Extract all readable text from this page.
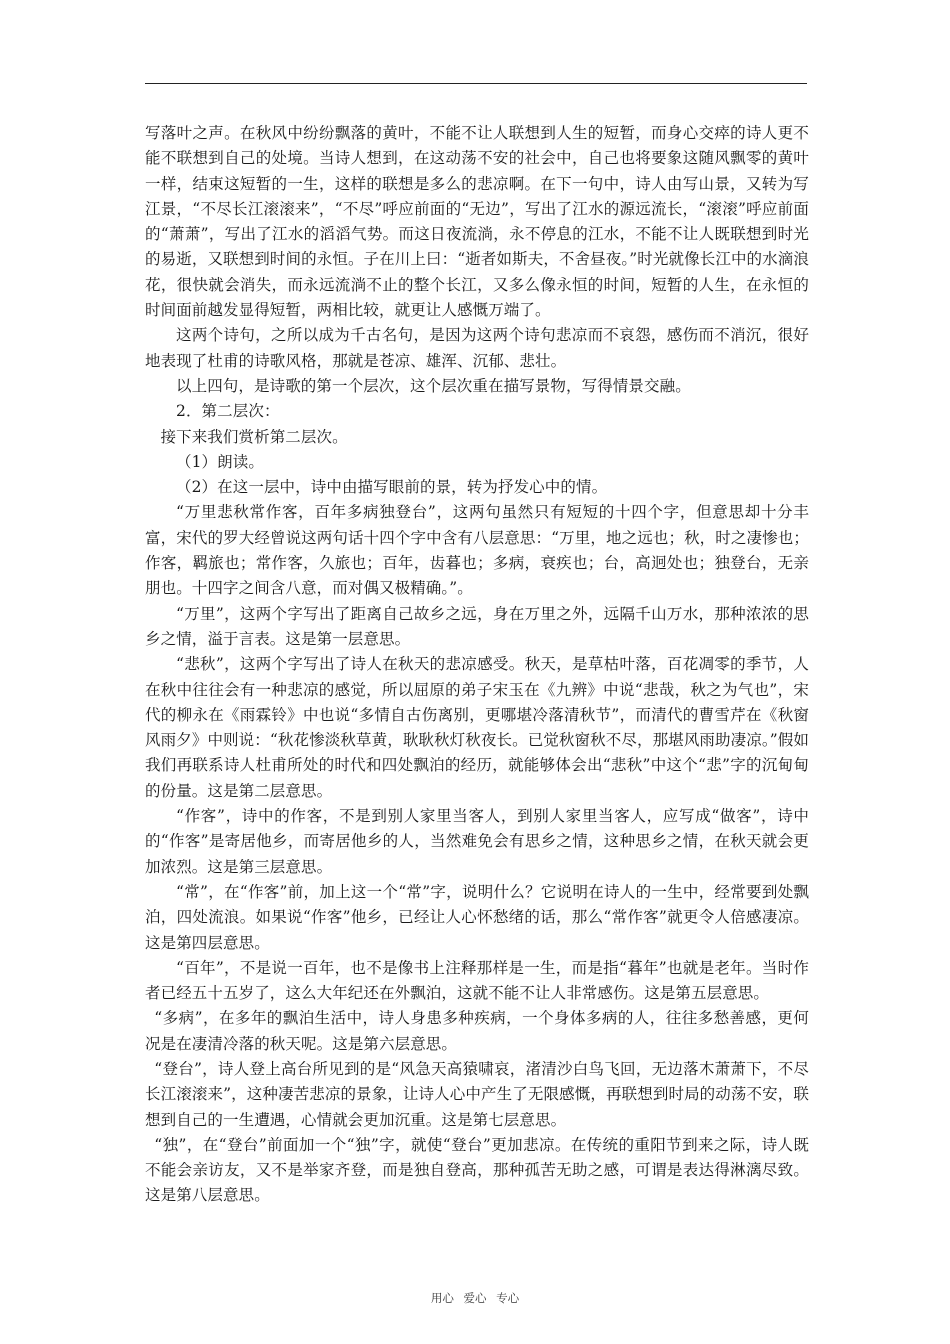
写落叶之声。在秋风中纷纷飘落的黄叶，不能不让人联想到人生的短暂，而身心交瘁的诗人更不能不联想到自己的处境。当诗人想到，在这动荡不安的社会中，自己也将要象这随风飘零的黄叶一样，结束这短暂的一生，这样的联想是多么的悲凉啊。在下一句中，诗人由写山景，又转为写江景，“不尽长江滚滚来”，“不尽”呼应前面的“无边”，写出了江水的源远流长，“滚滚”呼应前面的“萧萧”，写出了江水的滔滔气势。而这日夜流淌，永不停息的江水，不能不让人既联想到时光的易逝，又联想到时间的永恒。子在川上曰：“逝者如斯夫，不舍昼夜。”时光就像长江中的水滴浪花，很快就会消失，而永远流淌不止的整个长江，又多么像永恒的时间，短暂的人生，在永恒的时间面前越发显得短暂，两相比较，就更让人感慨万端了。

这两个诗句，之所以成为千古名句，是因为这两个诗句悲凉而不哀怨，感伤而不消沉，很好地表现了杜甫的诗歌风格，那就是苍凉、雄浑、沉郁、悲壮。

以上四句，是诗歌的第一个层次，这个层次重在描写景物，写得情景交融。

2．第二层次：

接下来我们赏析第二层次。

（1）朗读。

（2）在这一层中，诗中由描写眼前的景，转为抒发心中的情。

“万里悲秋常作客，百年多病独登台”，这两句虽然只有短短的十四个字，但意思却十分丰富，宋代的罗大经曾说这两句话十四个字中含有八层意思：“万里，地之远也；秋，时之凄惨也；作客，羁旅也；常作客，久旅也；百年，齿暮也；多病，衰疾也；台，高迥处也；独登台，无亲朋也。十四字之间含八意，而对偶又极精确。”。

“万里”，这两个字写出了距离自己故乡之远，身在万里之外，远隔千山万水，那种浓浓的思乡之情，溢于言表。这是第一层意思。

“悲秋”，这两个字写出了诗人在秋天的悲凉感受。秋天，是草枯叶落，百花凋零的季节，人在秋中往往会有一种悲凉的感觉，所以屈原的弟子宋玉在《九辨》中说“悲哉，秋之为气也”，宋代的柳永在《雨霖铃》中也说“多情自古伤离别，更哪堪冷落清秋节”，而清代的曹雪芹在《秋窗风雨夕》中则说：“秋花惨淡秋草黄，耿耿秋灯秋夜长。已觉秋窗秋不尽，那堪风雨助凄凉。”假如我们再联系诗人杜甫所处的时代和四处飘泊的经历，就能够体会出“悲秋”中这个“悲”字的沉甸甸的份量。这是第二层意思。

“作客”，诗中的作客，不是到别人家里当客人，到别人家里当客人，应写成“做客”，诗中的“作客”是寄居他乡，而寄居他乡的人，当然难免会有思乡之情，这种思乡之情，在秋天就会更加浓烈。这是第三层意思。

“常”，在“作客”前，加上这一个“常”字，说明什么？它说明在诗人的一生中，经常要到处飘泊，四处流浪。如果说“作客”他乡，已经让人心怀愁绪的话，那么“常作客”就更令人倍感凄凉。这是第四层意思。

“百年”，不是说一百年，也不是像书上注释那样是一生，而是指“暮年”也就是老年。当时作者已经五十五岁了，这么大年纪还在外飘泊，这就不能不让人非常感伤。这是第五层意思。

“多病”，在多年的飘泊生活中，诗人身患多种疾病，一个身体多病的人，往往多愁善感，更何况是在凄清冷落的秋天呢。这是第六层意思。

“登台”，诗人登上高台所见到的是“风急天高猿啸哀，渚清沙白鸟飞回，无边落木萧萧下，不尽长江滚滚来”，这种凄苦悲凉的景象，让诗人心中产生了无限感慨，再联想到时局的动荡不安，联想到自己的一生遭遇，心情就会更加沉重。这是第七层意思。

“独”，在“登台”前面加一个“独”字，就使“登台”更加悲凉。在传统的重阳节到来之际，诗人既不能会亲访友，又不是举家齐登，而是独自登高，那种孤苦无助之感，可谓是表达得淋漓尽致。这是第八层意思。

用心 爱心 专心
